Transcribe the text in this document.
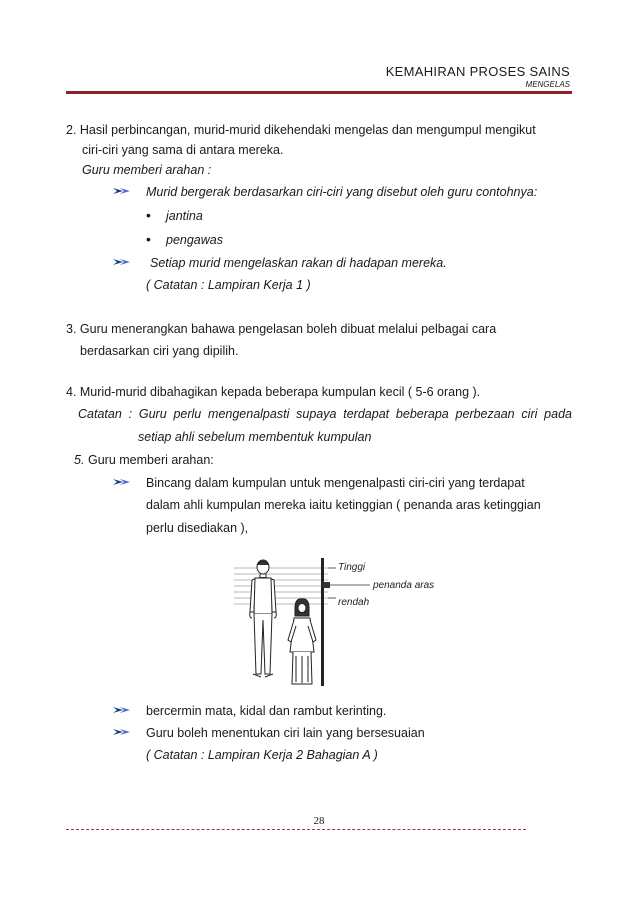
KEMAHIRAN PROSES SAINS
MENGELAS
2. Hasil perbincangan, murid-murid dikehendaki mengelas dan mengumpul mengikut
ciri-ciri yang sama di antara mereka.
Guru memberi arahan :
Murid bergerak berdasarkan ciri-ciri yang disebut oleh guru contohnya:
• jantina
• pengawas
Setiap murid mengelaskan rakan di hadapan mereka.
( Catatan : Lampiran Kerja 1 )
3. Guru menerangkan bahawa pengelasan boleh dibuat melalui pelbagai cara
berdasarkan ciri yang dipilih.
4. Murid-murid dibahagikan kepada beberapa kumpulan kecil ( 5-6 orang ).
Catatan : Guru perlu mengenalpasti supaya terdapat beberapa perbezaan ciri pada
setiap ahli sebelum membentuk kumpulan
5. Guru memberi arahan:
Bincang dalam kumpulan untuk mengenalpasti ciri-ciri yang terdapat
dalam ahli kumpulan mereka iaitu ketinggian ( penanda aras ketinggian
perlu disediakan ),
Tinggi
penanda aras
rendah
bercermin mata, kidal dan rambut kerinting.
Guru boleh menentukan ciri lain yang bersesuaian
( Catatan : Lampiran Kerja 2 Bahagian A )
28
